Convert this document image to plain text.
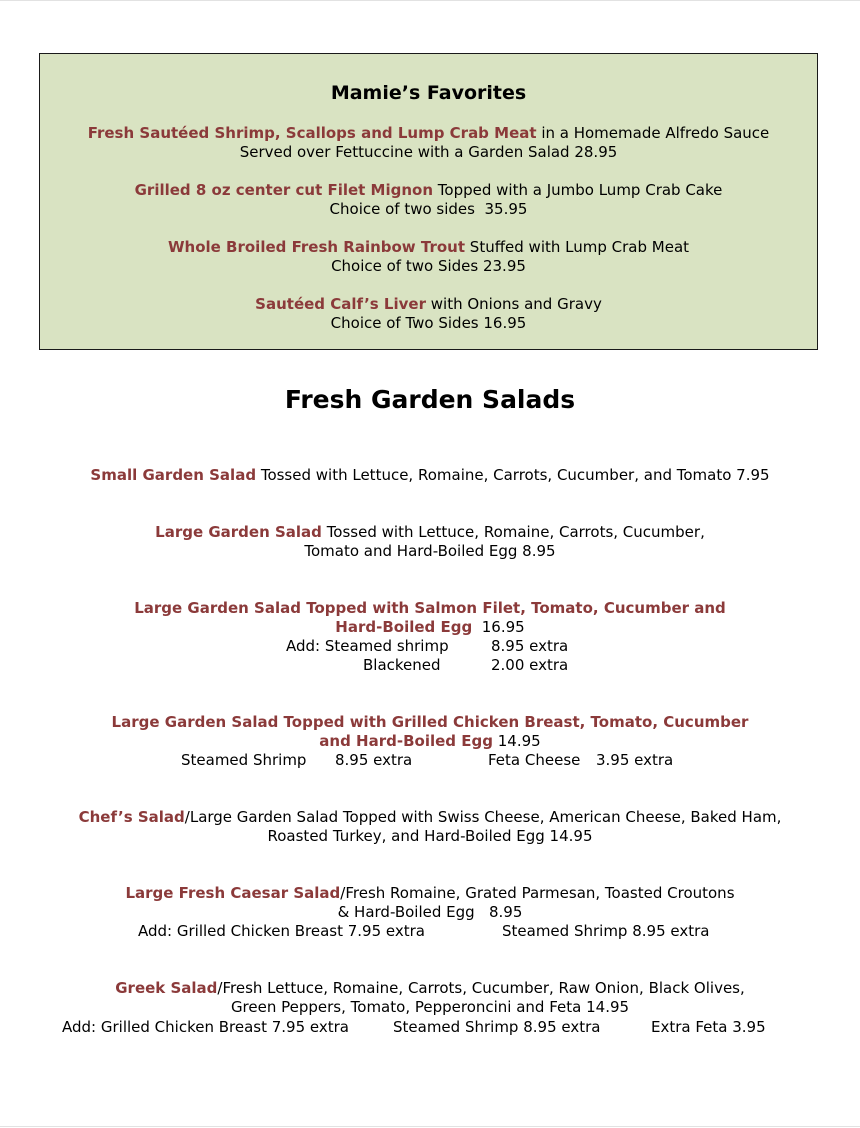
Mamie’s Favorites
Fresh Sautéed Shrimp, Scallops and Lump Crab Meat in a Homemade Alfredo Sauce
Served over Fettuccine with a Garden Salad 28.95
Grilled 8 oz center cut Filet Mignon Topped with a Jumbo Lump Crab Cake
Choice of two sides  35.95
Whole Broiled Fresh Rainbow Trout Stuffed with Lump Crab Meat
Choice of two Sides 23.95
Sautéed Calf’s Liver with Onions and Gravy
Choice of Two Sides 16.95
Fresh Garden Salads
Small Garden Salad Tossed with Lettuce, Romaine, Carrots, Cucumber, and Tomato 7.95
Large Garden Salad Tossed with Lettuce, Romaine, Carrots, Cucumber,
Tomato and Hard-Boiled Egg 8.95
Large Garden Salad Topped with Salmon Filet, Tomato, Cucumber and
Hard-Boiled Egg  16.95
Add: Steamed shrimp	8.95 extra
Blackened	2.00 extra
Large Garden Salad Topped with Grilled Chicken Breast, Tomato, Cucumber
and Hard-Boiled Egg 14.95
Steamed Shrimp 8.95 extra	Feta Cheese 3.95 extra
Chef’s Salad/Large Garden Salad Topped with Swiss Cheese, American Cheese, Baked Ham,
Roasted Turkey, and Hard-Boiled Egg 14.95
Large Fresh Caesar Salad/Fresh Romaine, Grated Parmesan, Toasted Croutons
& Hard-Boiled Egg   8.95
Add: Grilled Chicken Breast 7.95 extra	Steamed Shrimp 8.95 extra
Greek Salad/Fresh Lettuce, Romaine, Carrots, Cucumber, Raw Onion, Black Olives,
Green Peppers, Tomato, Pepperoncini and Feta 14.95
Add: Grilled Chicken Breast 7.95 extra	Steamed Shrimp 8.95 extra	Extra Feta 3.95
